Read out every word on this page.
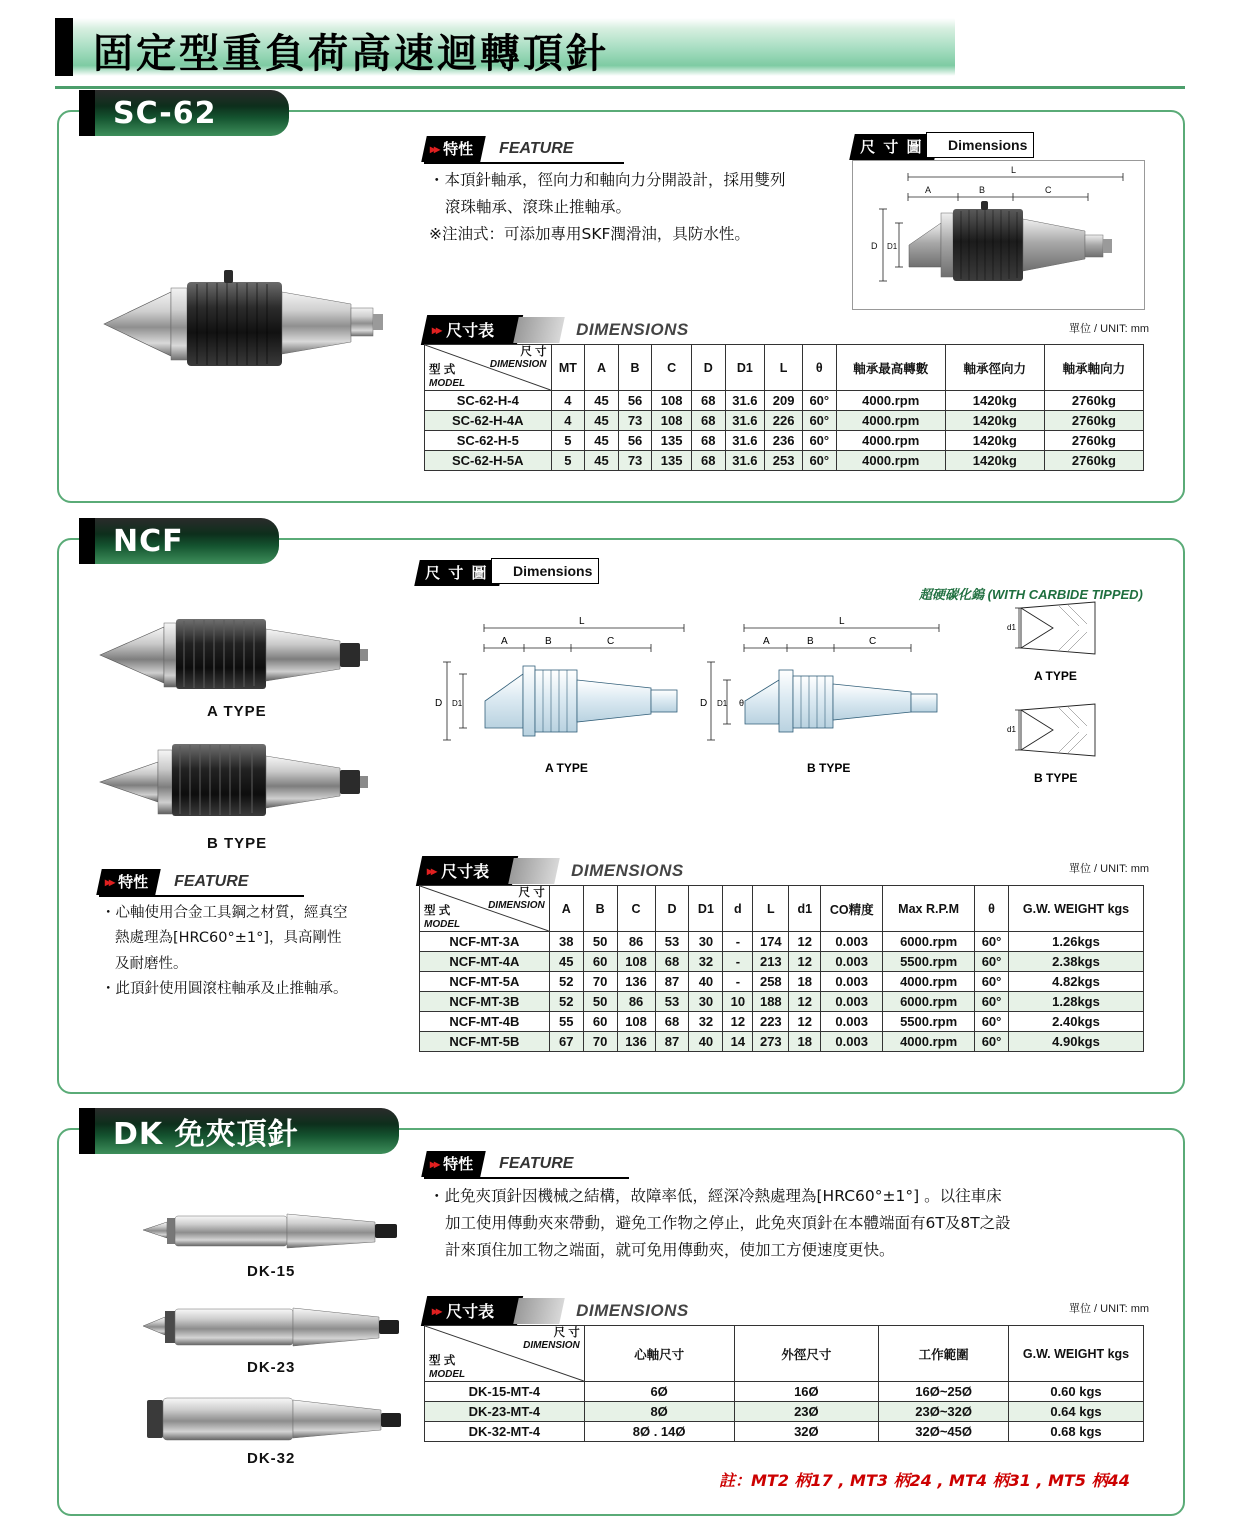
固定型重負荷高速迴轉頂針
SC-62
▸▸ 特性 FEATURE

・本頂針軸承，徑向力和軸向力分開設計，採用雙列

滾珠軸承、滾珠止推軸承。

※注油式：可添加專用SKF潤滑油，具防水性。

尺 寸 圖 Dimensions
L
A	B	C
D D1
▸▸ 尺寸表	DIMENSIONS	單位 / UNIT: mm
尺 寸
DIMENSION
型 式
MODEL	MT	A	B	C	D	D1	L	θ	軸承最高轉數	軸承徑向力	軸承軸向力
SC-62-H-4	4	45	56	108	68	31.6	209	60°	4000.rpm	1420kg	2760kg
SC-62-H-4A	4	45	73	108	68	31.6	226	60°	4000.rpm	1420kg	2760kg
SC-62-H-5	5	45	56	135	68	31.6	236	60°	4000.rpm	1420kg	2760kg
SC-62-H-5A	5	45	73	135	68	31.6	253	60°	4000.rpm	1420kg	2760kg
NCF
A TYPE
B TYPE
▸▸ 特性 FEATURE

・心軸使用合金工具鋼之材質，經真空

熱處理為[HRC60°±1°]，具高剛性

及耐磨性。

・此頂針使用圓滾柱軸承及止推軸承。

尺 寸 圖 Dimensions
超硬碳化鎢 (WITH CARBIDE TIPPED)
L
A	B	C
D D1
A TYPE
L
A	B	C
D D1 θ
B TYPE
d1
A TYPE
d1
B TYPE
▸▸ 尺寸表	DIMENSIONS	單位 / UNIT: mm
尺 寸
DIMENSION
型 式
MODEL	A	B	C	D	D1	d	L	d1	CO精度	Max R.P.M	θ	G.W. WEIGHT kgs
NCF-MT-3A	38	50	86	53	30	-	174	12	0.003	6000.rpm	60°	1.26kgs
NCF-MT-4A	45	60	108	68	32	-	213	12	0.003	5500.rpm	60°	2.38kgs
NCF-MT-5A	52	70	136	87	40	-	258	18	0.003	4000.rpm	60°	4.82kgs
NCF-MT-3B	52	50	86	53	30	10	188	12	0.003	6000.rpm	60°	1.28kgs
NCF-MT-4B	55	60	108	68	32	12	223	12	0.003	5500.rpm	60°	2.40kgs
NCF-MT-5B	67	70	136	87	40	14	273	18	0.003	4000.rpm	60°	4.90kgs
DK 免夾頂針
DK-15
DK-23
DK-32
▸▸ 特性 FEATURE

・此免夾頂針因機械之結構，故障率低，經深冷熱處理為[HRC60°±1°] 。以往車床

加工使用傳動夾來帶動，避免工作物之停止，此免夾頂針在本體端面有6T及8T之設

計來頂住加工物之端面，就可免用傳動夾，使加工方便速度更快。

▸▸ 尺寸表	DIMENSIONS	單位 / UNIT: mm
尺 寸
DIMENSION
型 式
MODEL	心軸尺寸	外徑尺寸	工作範圍	G.W. WEIGHT kgs
DK-15-MT-4	6Ø	16Ø	16Ø~25Ø	0.60 kgs
DK-23-MT-4	8Ø	23Ø	23Ø~32Ø	0.64 kgs
DK-32-MT-4	8Ø . 14Ø	32Ø	32Ø~45Ø	0.68 kgs
註：MT2 柄17 , MT3 柄24 , MT4 柄31 , MT5 柄44
